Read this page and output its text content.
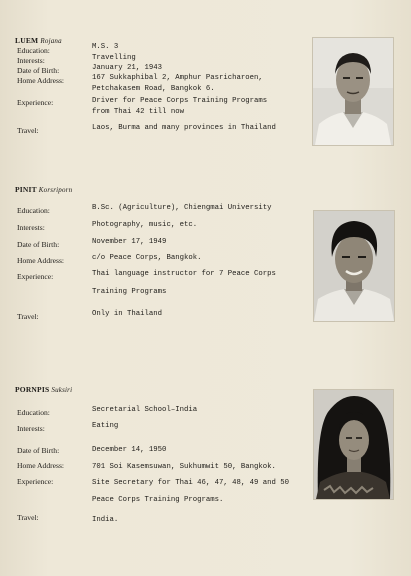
LUEM Rojana
Education:	M.S. 3
Interests:	Travelling
Date of Birth:	January 21, 1943
Home Address:	167 Sukkaphibal 2, Amphur Pasricharoen,
Petchakasem Road, Bangkok 6.
Experience:	Driver for Peace Corps Training Programs
from Thai 42 till now
Travel:	Laos, Burma and many provinces in Thailand
PINIT Korsriporn
Education:	B.Sc. (Agriculture), Chiengmai University
Interests:	Photography, music, etc.
Date of Birth:	November 17, 1949
Home Address:	c/o Peace Corps, Bangkok.
Experience:	Thai language instructor for 7 Peace Corps
Training Programs
Travel:	Only in Thailand
PORNPIS Suksiri
Education:	Secretarial School–India
Interests:	Eating
Date of Birth:	December 14, 1950
Home Address:	701 Soi Kasemsuwan, Sukhumwit 50, Bangkok.
Experience:	Site Secretary for Thai 46, 47, 48, 49 and 50
Peace Corps Training Programs.
Travel:	India.
